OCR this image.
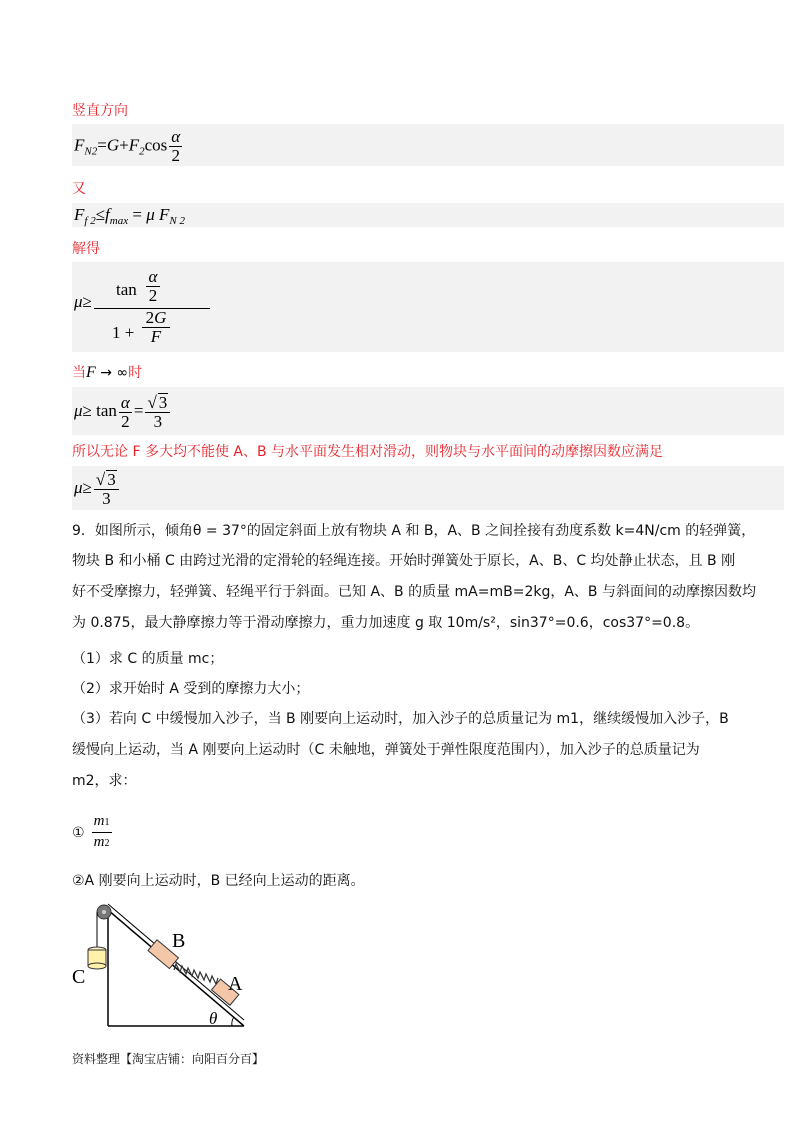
竖直方向
$F_{N2}=G+F_2\cos \frac{\alpha}{2}$
又
$F_{f 2}\le f_{max} = \mu$ $F_{N 2}$
解得
μ≥
tan
α
2
1 +
2G
F
当F → ∞时
$\mu\ge \tan \frac{\alpha}{2} = \frac{√ 3}{3}$
所以无论 F 多大均不能使 A、B 与水平面发生相对滑动，则物块与水平面间的动摩擦因数应满足
$\mu\ge \frac{√ 3}{3}$
9．如图所示，倾角θ = 37°的固定斜面上放有物块 A 和 B，A、B 之间拴接有劲度系数 k=4N/cm 的轻弹簧，
物块 B 和小桶 C 由跨过光滑的定滑轮的轻绳连接。开始时弹簧处于原长，A、B、C 均处静止状态，且 B 刚
好不受摩擦力，轻弹簧、轻绳平行于斜面。已知 A、B 的质量 mA=mB=2kg，A、B 与斜面间的动摩擦因数均
为 0.875，最大静摩擦力等于滑动摩擦力，重力加速度 g 取 10m/s²，sin37°=0.6，cos37°=0.8。
（1）求 C 的质量 mc；
（2）求开始时 A 受到的摩擦力大小；
（3）若向 C 中缓慢加入沙子，当 B 刚要向上运动时，加入沙子的总质量记为 m1，继续缓慢加入沙子，B
缓慢向上运动，当 A 刚要向上运动时（C 未触地，弹簧处于弹性限度范围内），加入沙子的总质量记为
m2，求：
① $\frac{m1}{m2}$
②A 刚要向上运动时，B 已经向上运动的距离。
B
A
C
θ
资料整理【淘宝店铺：向阳百分百】
